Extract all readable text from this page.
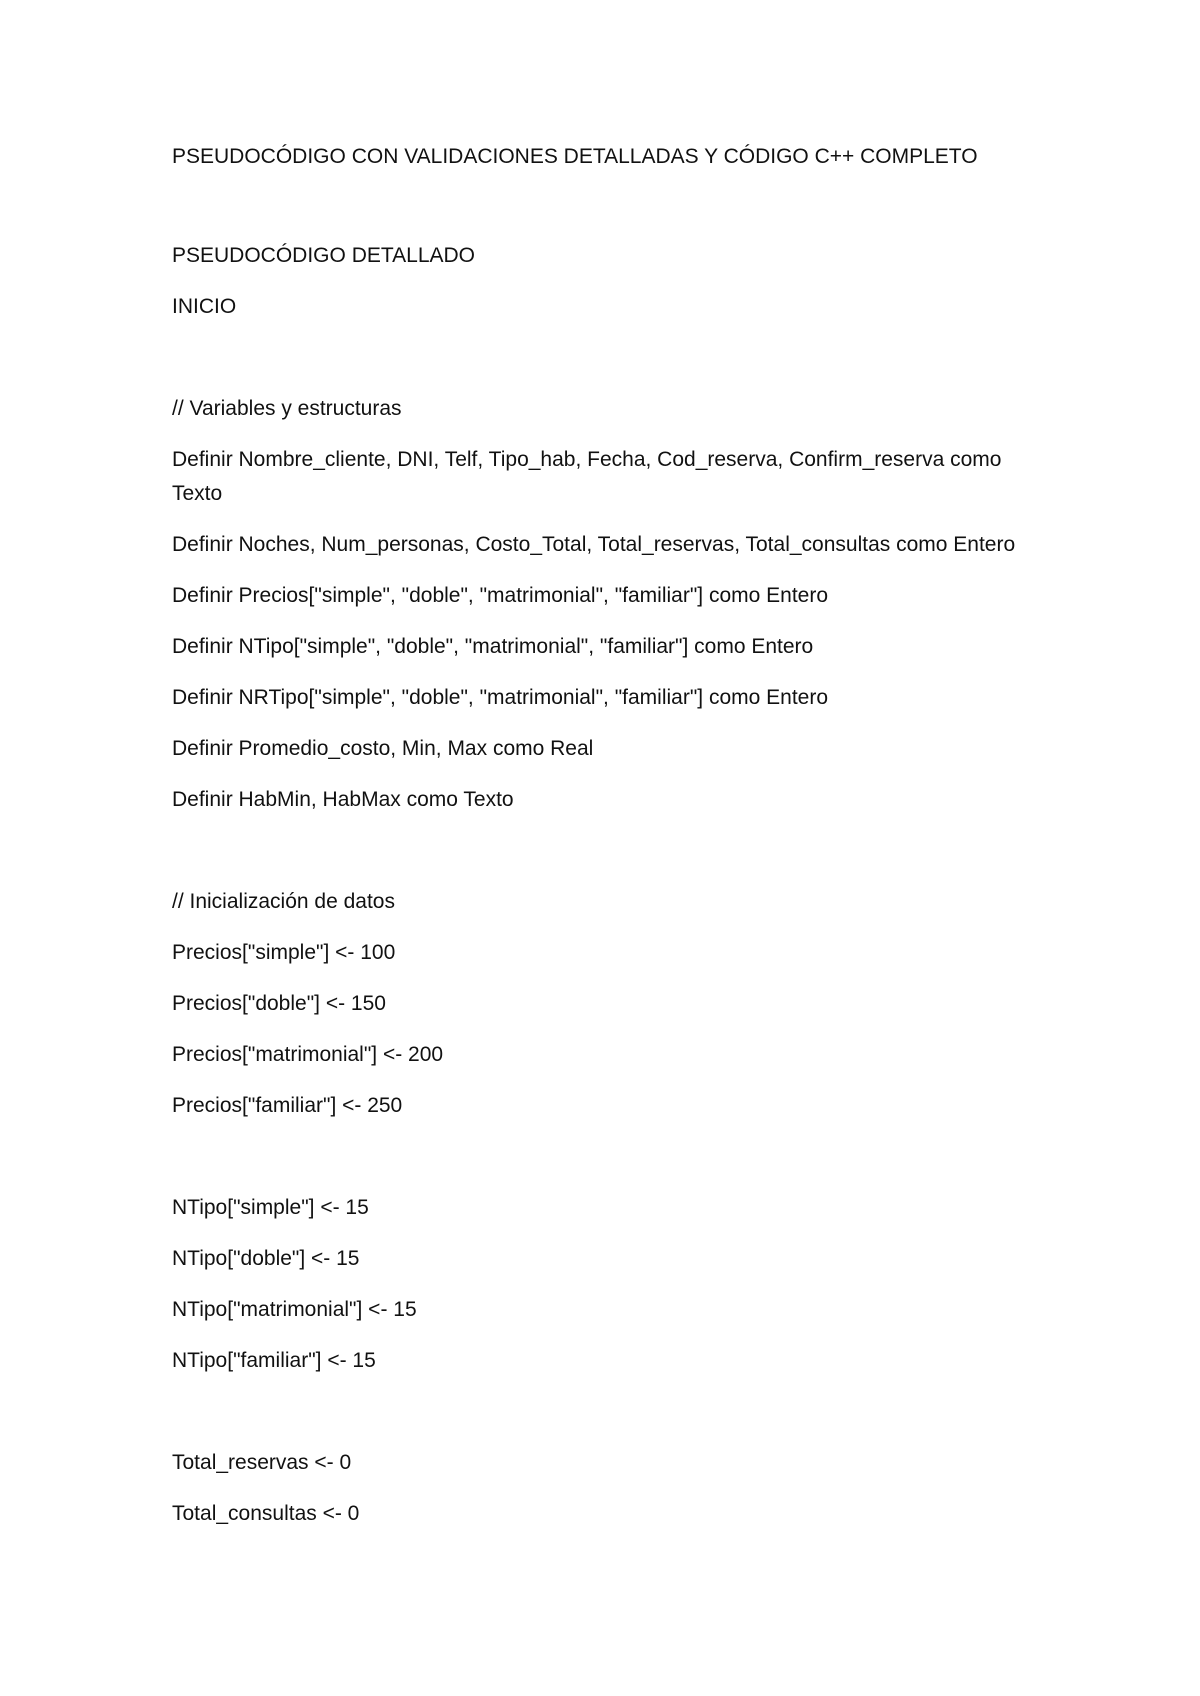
PSEUDOCÓDIGO CON VALIDACIONES DETALLADAS Y CÓDIGO C++ COMPLETO

PSEUDOCÓDIGO DETALLADO

INICIO

// Variables y estructuras

Definir Nombre_cliente, DNI, Telf, Tipo_hab, Fecha, Cod_reserva, Confirm_reserva como Texto

Definir Noches, Num_personas, Costo_Total, Total_reservas, Total_consultas como Entero

Definir Precios["simple", "doble", "matrimonial", "familiar"] como Entero

Definir NTipo["simple", "doble", "matrimonial", "familiar"] como Entero

Definir NRTipo["simple", "doble", "matrimonial", "familiar"] como Entero

Definir Promedio_costo, Min, Max como Real

Definir HabMin, HabMax como Texto

// Inicialización de datos

Precios["simple"] <- 100

Precios["doble"] <- 150

Precios["matrimonial"] <- 200

Precios["familiar"] <- 250

NTipo["simple"] <- 15

NTipo["doble"] <- 15

NTipo["matrimonial"] <- 15

NTipo["familiar"] <- 15

Total_reservas <- 0

Total_consultas <- 0
